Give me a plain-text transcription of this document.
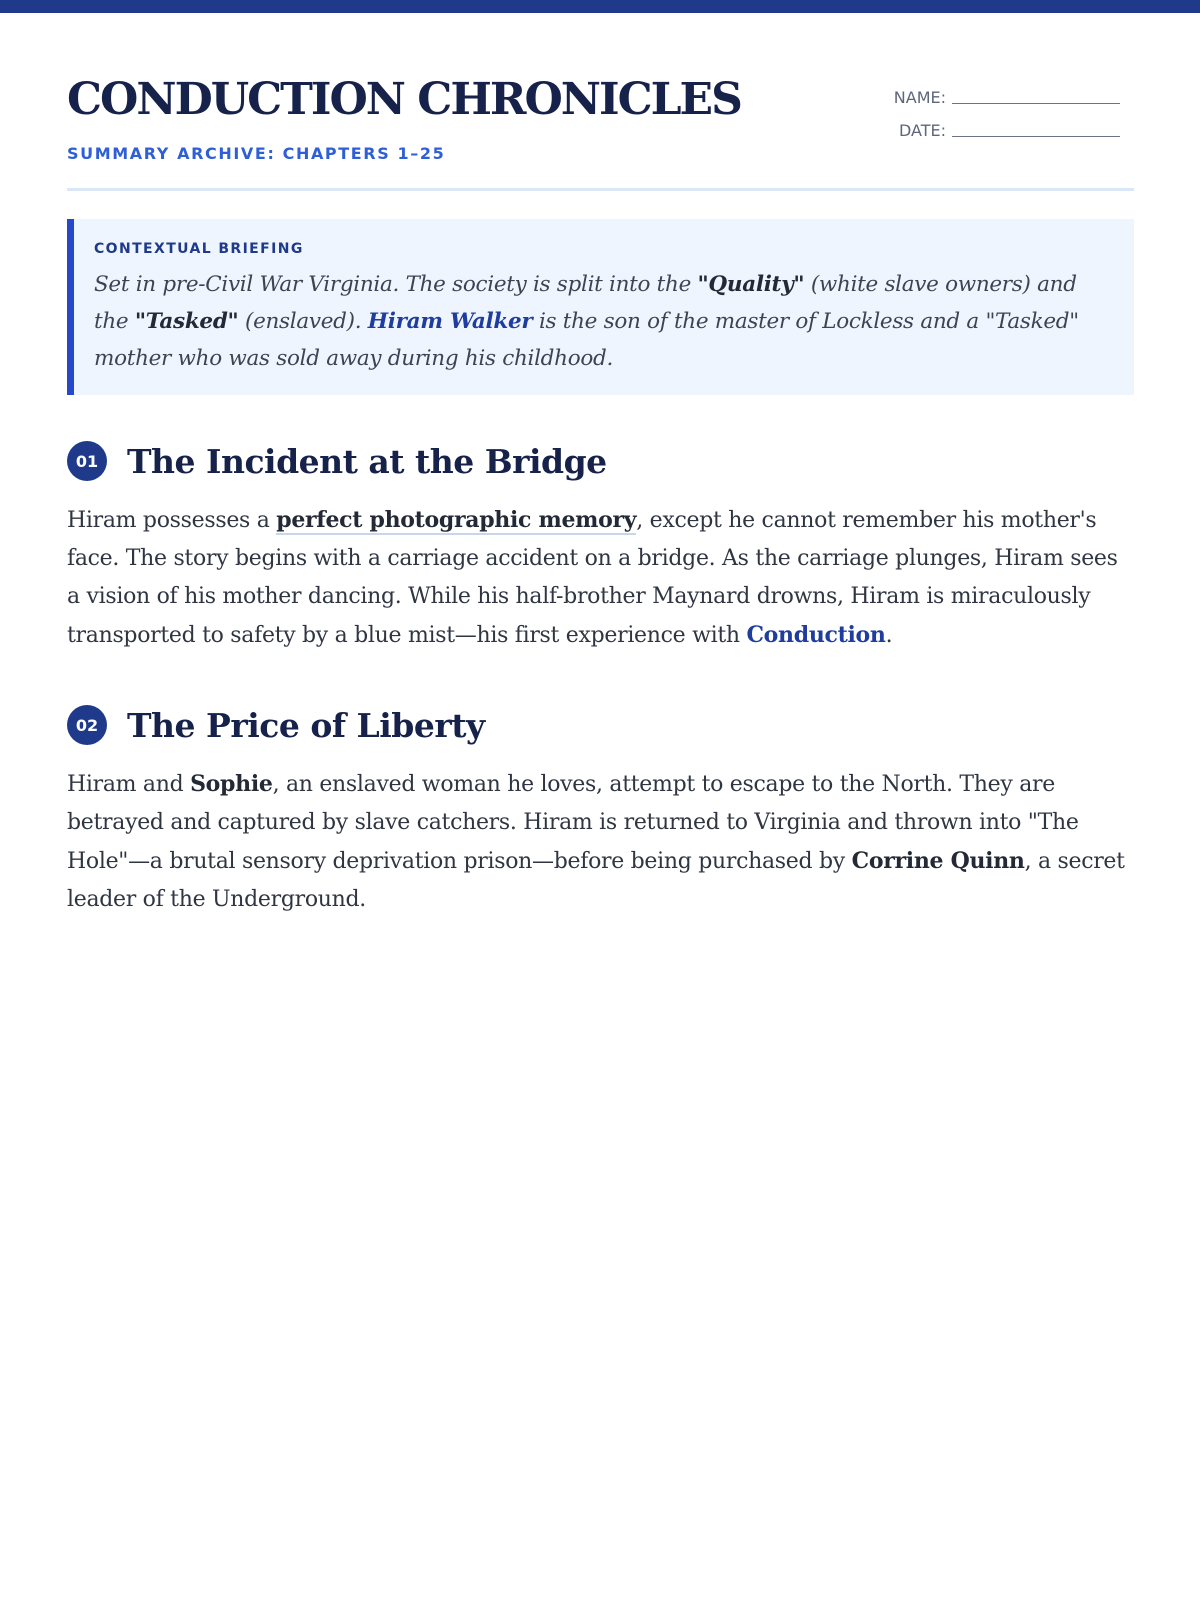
CONDUCTION CHRONICLES
SUMMARY ARCHIVE: CHAPTERS 1–25
NAME:
DATE:
CONTEXTUAL BRIEFING

Set in pre-Civil War Virginia. The society is split into the "Quality" (white slave owners) and the "Tasked" (enslaved). Hiram Walker is the son of the master of Lockless and a "Tasked" mother who was sold away during his childhood.

01 The Incident at the Bridge

Hiram possesses a perfect photographic memory, except he cannot remember his mother's face. The story begins with a carriage accident on a bridge. As the carriage plunges, Hiram sees a vision of his mother dancing. While his half-brother Maynard drowns, Hiram is miraculously transported to safety by a blue mist—his first experience with Conduction.

02 The Price of Liberty

Hiram and Sophie, an enslaved woman he loves, attempt to escape to the North. They are betrayed and captured by slave catchers. Hiram is returned to Virginia and thrown into "The Hole"—a brutal sensory deprivation prison—before being purchased by Corrine Quinn, a secret leader of the Underground.
